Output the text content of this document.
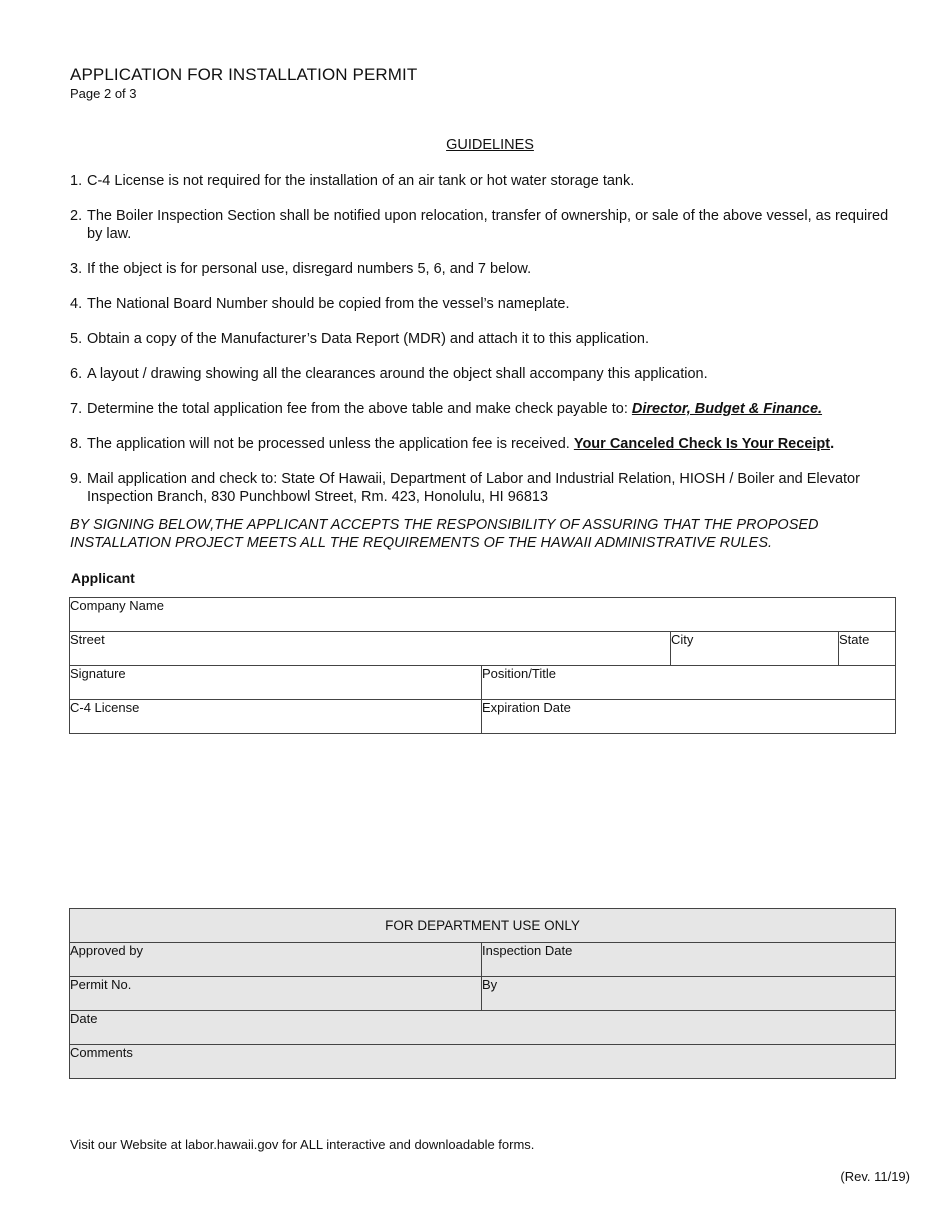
APPLICATION FOR INSTALLATION PERMIT
Page 2 of 3
GUIDELINES
1. C-4 License is not required for the installation of an air tank or hot water storage tank.
2. The Boiler Inspection Section shall be notified upon relocation, transfer of ownership, or sale of the above vessel, as required by law.
3. If the object is for personal use, disregard numbers 5, 6, and 7 below.
4. The National Board Number should be copied from the vessel’s nameplate.
5. Obtain a copy of the Manufacturer’s Data Report (MDR) and attach it to this application.
6. A layout / drawing showing all the clearances around the object shall accompany this application.
7. Determine the total application fee from the above table and make check payable to: Director, Budget & Finance.
8. The application will not be processed unless the application fee is received. Your Canceled Check Is Your Receipt.
9. Mail application and check to: State Of Hawaii, Department of Labor and Industrial Relation, HIOSH / Boiler and Elevator Inspection Branch, 830 Punchbowl Street, Rm. 423, Honolulu, HI 96813
BY SIGNING BELOW,THE APPLICANT ACCEPTS THE RESPONSIBILITY OF ASSURING THAT THE PROPOSED INSTALLATION PROJECT MEETS ALL THE REQUIREMENTS OF THE HAWAII ADMINISTRATIVE RULES.
Applicant
Company Name			

Street		City	State

Signature	Position/Title		

C-4 License	Expiration Date		
FOR DEPARTMENT USE ONLY	

Approved by	Inspection Date

Permit No.	By

Date	

Comments	
Visit our Website at labor.hawaii.gov for ALL interactive and downloadable forms.
(Rev. 11/19)
